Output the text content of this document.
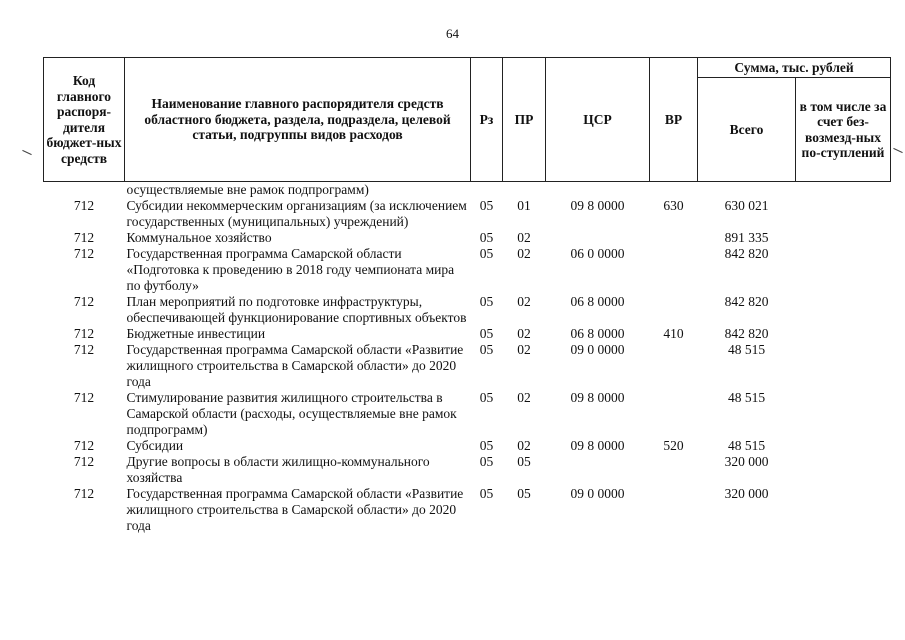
64
Код главного распоря-дителя бюджет-ных средств	Наименование главного распорядителя средств областного бюджета, раздела, подраздела, целевой статьи, подгруппы видов расходов	Рз	ПР	ЦСР	ВР	Сумма, тыс. рублей	
						Всего	в том числе за счет без-возмезд-ных по-ступлений
	осуществляемые вне рамок подпрограмм)						
712	Субсидии некоммерческим организациям (за исключением государственных (муниципальных) учреждений)	05	01	09 8 0000	630	630 021	
712	Коммунальное хозяйство	05	02			891 335	
712	Государственная программа Самарской области «Подготовка к проведению в 2018 году чемпионата мира по футболу»	05	02	06 0 0000		842 820	
712	План мероприятий по подготовке инфраструктуры, обеспечивающей функционирование спортивных объектов	05	02	06 8 0000		842 820	
712	Бюджетные инвестиции	05	02	06 8 0000	410	842 820	
712	Государственная программа Самарской области «Развитие жилищного строительства в Самарской области» до 2020 года	05	02	09 0 0000		48 515	
712	Стимулирование развития жилищного строительства в Самарской области (расходы, осуществляемые вне рамок подпрограмм)	05	02	09 8 0000		48 515	
712	Субсидии	05	02	09 8 0000	520	48 515	
712	Другие вопросы в области жилищно-коммунального хозяйства	05	05			320 000	
712	Государственная программа Самарской области «Развитие жилищного строительства в Самарской области» до 2020 года	05	05	09 0 0000		320 000	
